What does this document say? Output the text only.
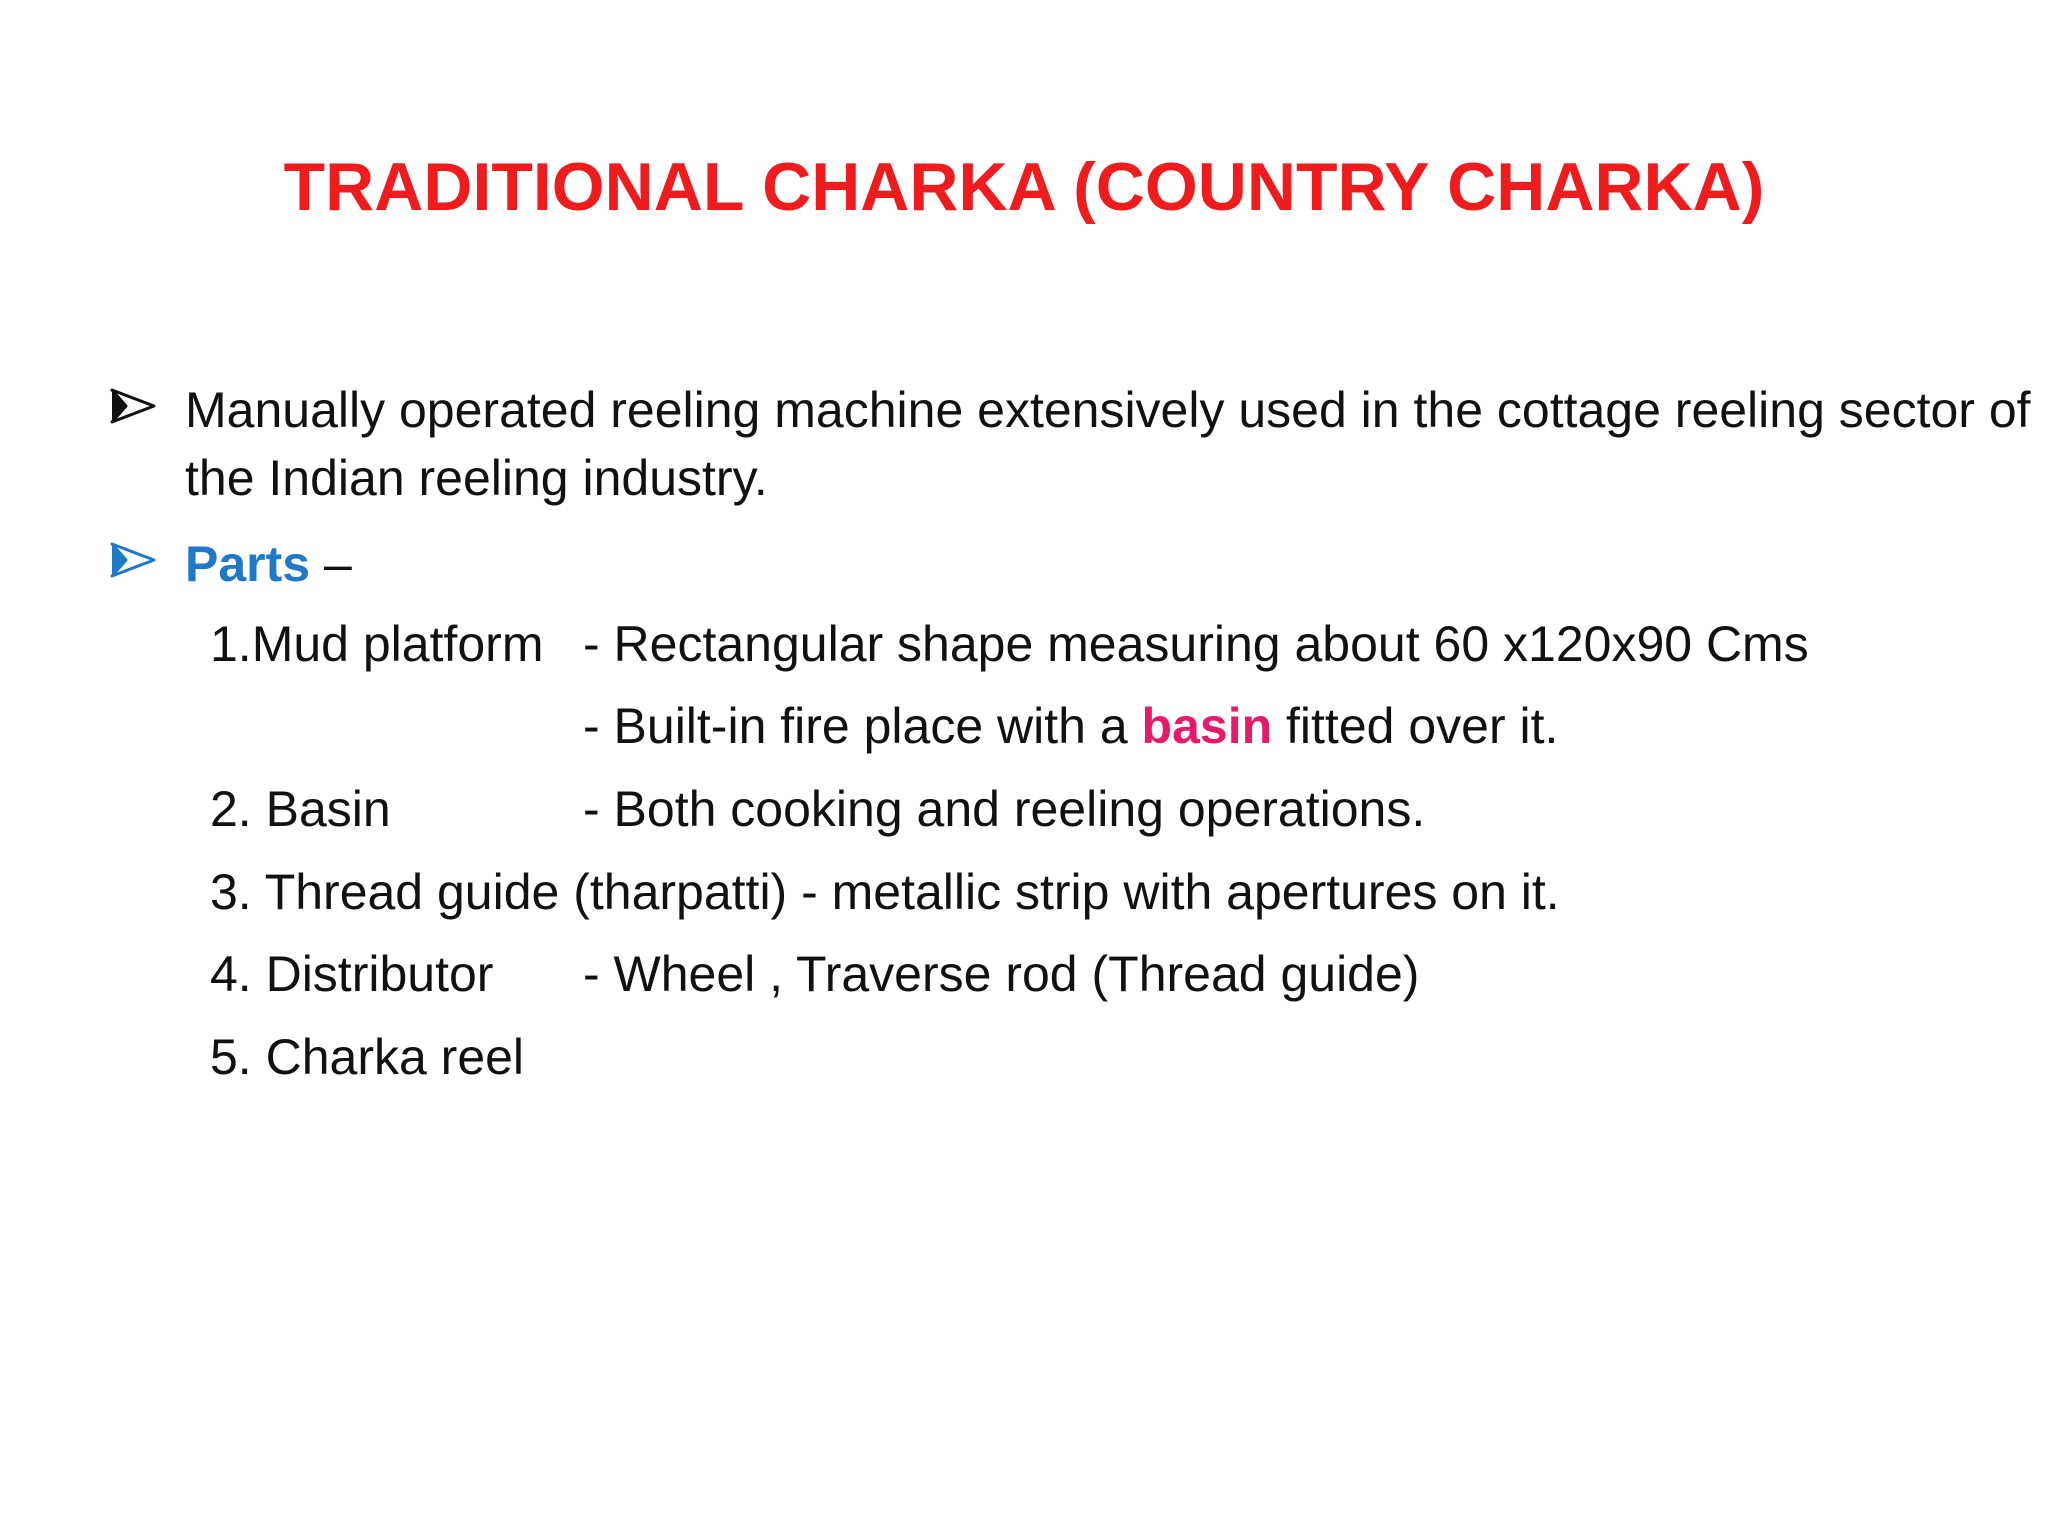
TRADITIONAL CHARKA (COUNTRY CHARKA)
Manually operated reeling machine extensively used in the cottage reeling sector of the Indian reeling industry.
Parts –
1.Mud platform - Rectangular shape measuring about 60 x120x90 Cms
- Built-in fire place with a basin fitted over it.
2. Basin	- Both cooking and reeling operations.
3. Thread guide (tharpatti) - metallic strip with apertures on it.
4. Distributor - Wheel , Traverse rod (Thread guide)
5. Charka reel
